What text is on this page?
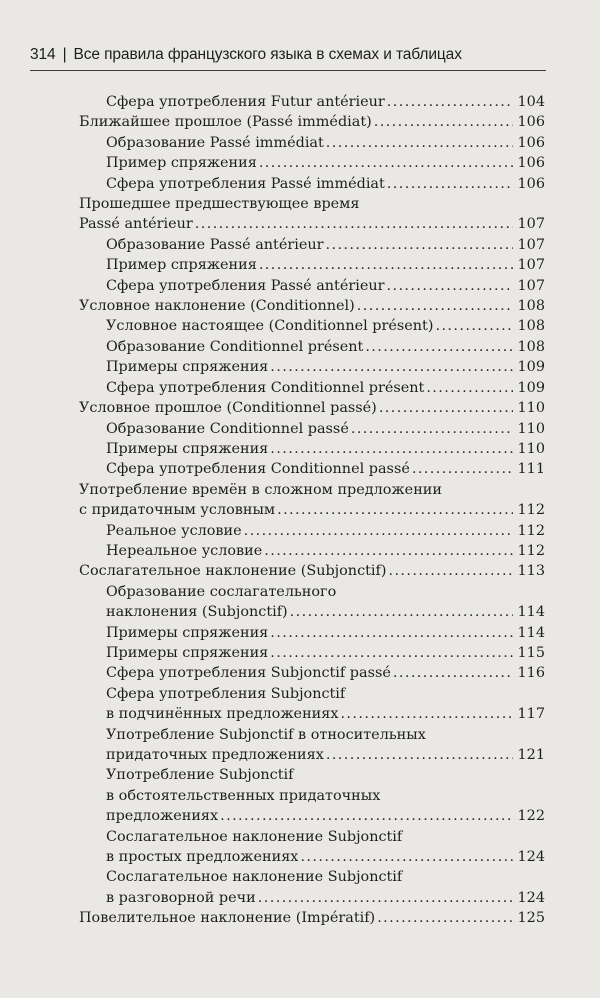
314 | Все правила французского языка в схемах и таблицах
Сфера употребления Futur antérieur .....	104
Ближайшее прошлое (Passé immédiat) .....	106
Образование Passé immédiat .....	106
Пример спряжения .....	106
Сфера употребления Passé immédiat .....	106
Прошедшее предшествующее время
Passé antérieur .....	107
Образование Passé antérieur .....	107
Пример спряжения .....	107
Сфера употребления Passé antérieur .....	107
Условное наклонение (Conditionnel) .....	108
Условное настоящее (Conditionnel présent) .....	108
Образование Conditionnel présent .....	108
Примеры спряжения .....	109
Сфера употребления Conditionnel présent .....	109
Условное прошлое (Conditionnel passé) .....	110
Образование Conditionnel passé .....	110
Примеры спряжения .....	110
Сфера употребления Conditionnel passé .....	111
Употребление времён в сложном предложении
с придаточным условным .....	112
Реальное условие .....	112
Нереальное условие .....	112
Сослагательное наклонение (Subjonctif) .....	113
Образование сослагательного
наклонения (Subjonctif) .....	114
Примеры спряжения .....	114
Примеры спряжения .....	115
Сфера употребления Subjonctif passé .....	116
Сфера употребления Subjonctif
в подчинённых предложениях .....	117
Употребление Subjonctif в относительных
придаточных предложениях .....	121
Употребление Subjonctif
в обстоятельственных придаточных
предложениях .....	122
Сослагательное наклонение Subjonctif
в простых предложениях .....	124
Сослагательное наклонение Subjonctif
в разговорной речи .....	124
Повелительное наклонение (Impératif) .....	125
